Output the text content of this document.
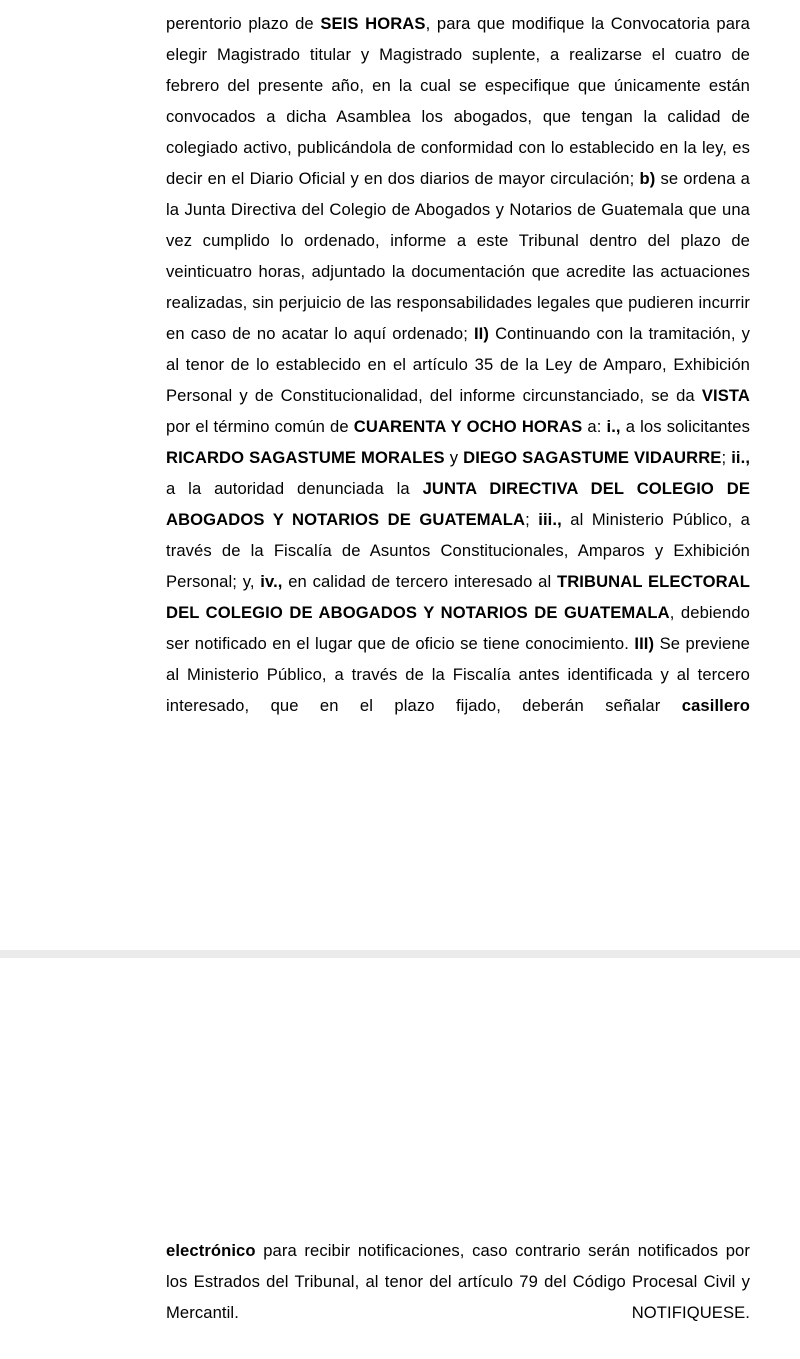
perentorio plazo de SEIS HORAS, para que modifique la Convocatoria para elegir Magistrado titular y Magistrado suplente, a realizarse el cuatro de febrero del presente año, en la cual se especifique que únicamente están convocados a dicha Asamblea los abogados, que tengan la calidad de colegiado activo, publicándola de conformidad con lo establecido en la ley, es decir en el Diario Oficial y en dos diarios de mayor circulación; b) se ordena a la Junta Directiva del Colegio de Abogados y Notarios de Guatemala que una vez cumplido lo ordenado, informe a este Tribunal dentro del plazo de veinticuatro horas, adjuntado la documentación que acredite las actuaciones realizadas, sin perjuicio de las responsabilidades legales que pudieren incurrir en caso de no acatar lo aquí ordenado; II) Continuando con la tramitación, y al tenor de lo establecido en el artículo 35 de la Ley de Amparo, Exhibición Personal y de Constitucionalidad, del informe circunstanciado, se da VISTA por el término común de CUARENTA Y OCHO HORAS a: i., a los solicitantes RICARDO SAGASTUME MORALES y DIEGO SAGASTUME VIDAURRE; ii., a la autoridad denunciada la JUNTA DIRECTIVA DEL COLEGIO DE ABOGADOS Y NOTARIOS DE GUATEMALA; iii., al Ministerio Público, a través de la Fiscalía de Asuntos Constitucionales, Amparos y Exhibición Personal; y, iv., en calidad de tercero interesado al TRIBUNAL ELECTORAL DEL COLEGIO DE ABOGADOS Y NOTARIOS DE GUATEMALA, debiendo ser notificado en el lugar que de oficio se tiene conocimiento. III) Se previene al Ministerio Público, a través de la Fiscalía antes identificada y al tercero interesado, que en el plazo fijado, deberán señalar casillero

electrónico para recibir notificaciones, caso contrario serán notificados por los Estrados del Tribunal, al tenor del artículo 79 del Código Procesal Civil y Mercantil. NOTIFIQUESE.
